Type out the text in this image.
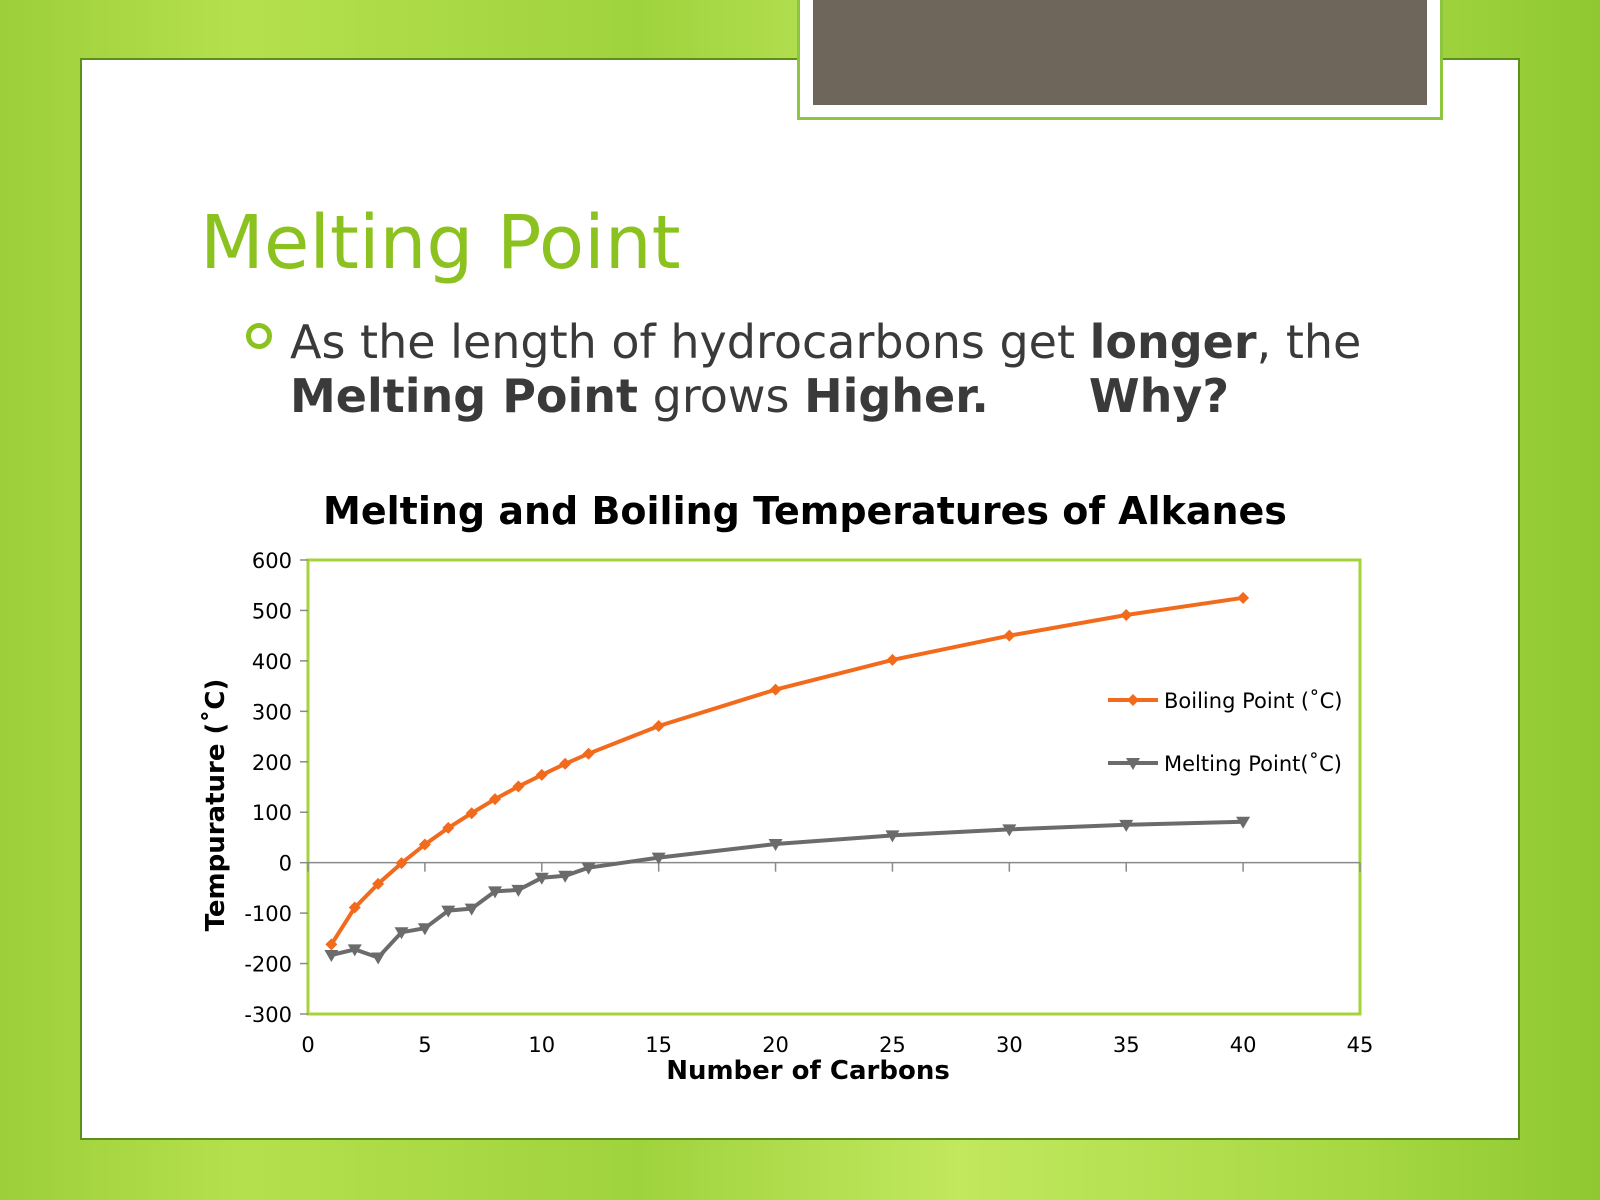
Melting Point
As the length of hydrocarbons get longer, the Melting Point grows Higher. Why?
Melting and Boiling Temperatures of Alkanes
-300
-200
-100
0
100
200
300
400
500
600
0	5	10	15	20	25	30	35	40	45
Boiling Point (˚C)
Melting Point(˚C)
Number of Carbons
Tempurature (˚C)
